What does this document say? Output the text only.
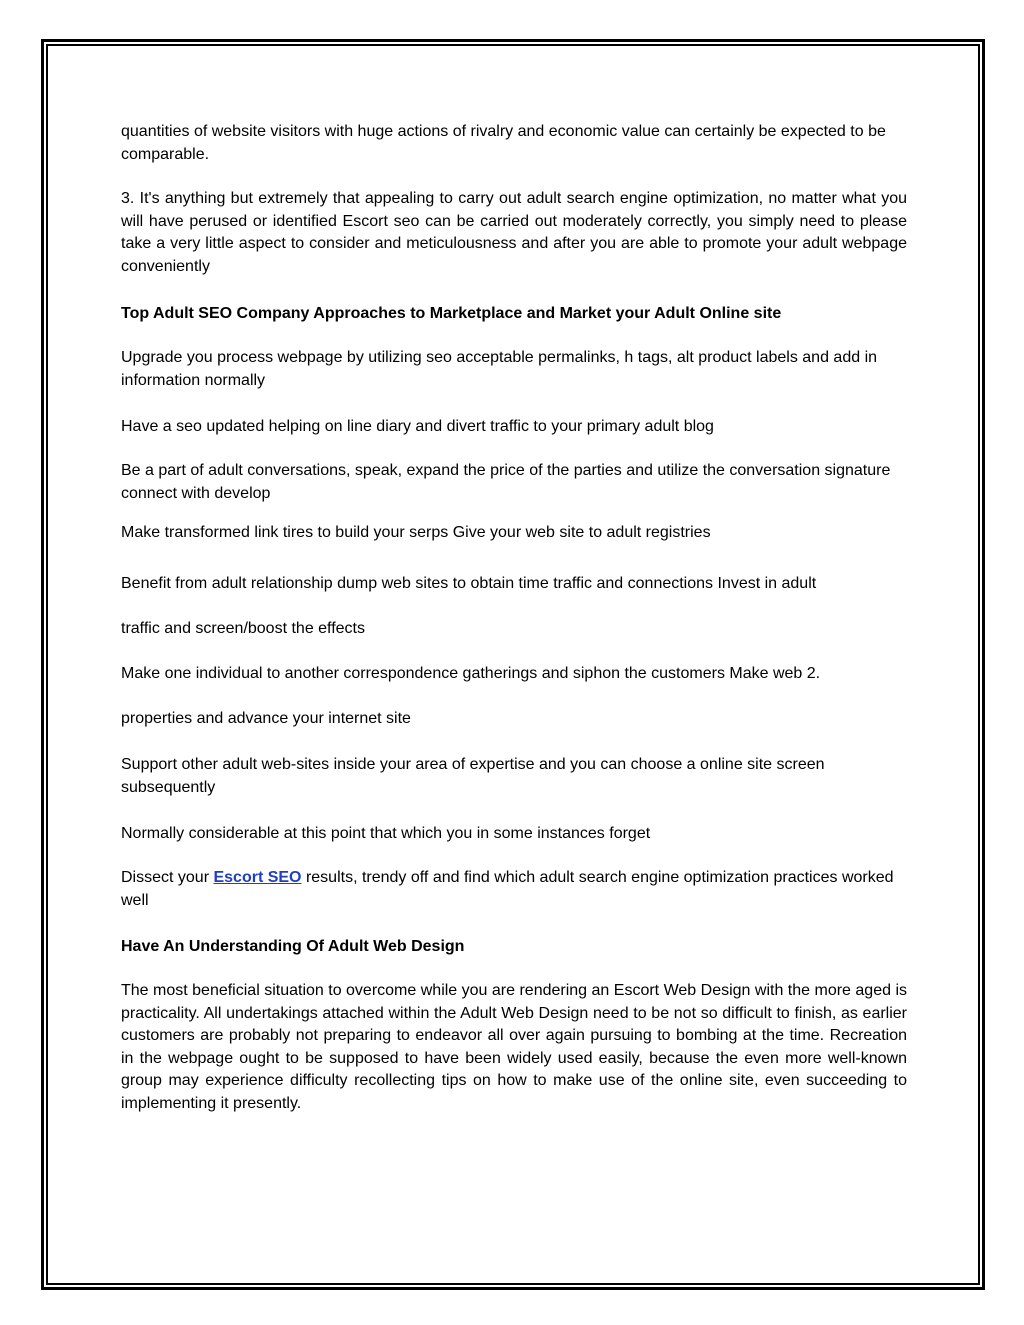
quantities of website visitors with huge actions of rivalry and economic value can certainly be expected to be comparable.

3. It's anything but extremely that appealing to carry out adult search engine optimization, no matter what you will have perused or identified Escort seo can be carried out moderately correctly, you simply need to please take a very little aspect to consider and meticulousness and after you are able to promote your adult webpage conveniently

Top Adult SEO Company Approaches to Marketplace and Market your Adult Online site

Upgrade you process webpage by utilizing seo acceptable permalinks, h tags, alt product labels and add in information normally

Have a seo updated helping on line diary and divert traffic to your primary adult blog

Be a part of adult conversations, speak, expand the price of the parties and utilize the conversation signature connect with develop

Make transformed link tires to build your serps Give your web site to adult registries

Benefit from adult relationship dump web sites to obtain time traffic and connections Invest in adult

traffic and screen/boost the effects

Make one individual to another correspondence gatherings and siphon the customers Make web 2.

properties and advance your internet site

Support other adult web-sites inside your area of expertise and you can choose a online site screen subsequently

Normally considerable at this point that which you in some instances forget

Dissect your Escort SEO results, trendy off and find which adult search engine optimization practices worked well

Have An Understanding Of Adult Web Design

The most beneficial situation to overcome while you are rendering an Escort Web Design with the more aged is practicality. All undertakings attached within the Adult Web Design need to be not so difficult to finish, as earlier customers are probably not preparing to endeavor all over again pursuing to bombing at the time. Recreation in the webpage ought to be supposed to have been widely used easily, because the even more well-known group may experience difficulty recollecting tips on how to make use of the online site, even succeeding to implementing it presently.
